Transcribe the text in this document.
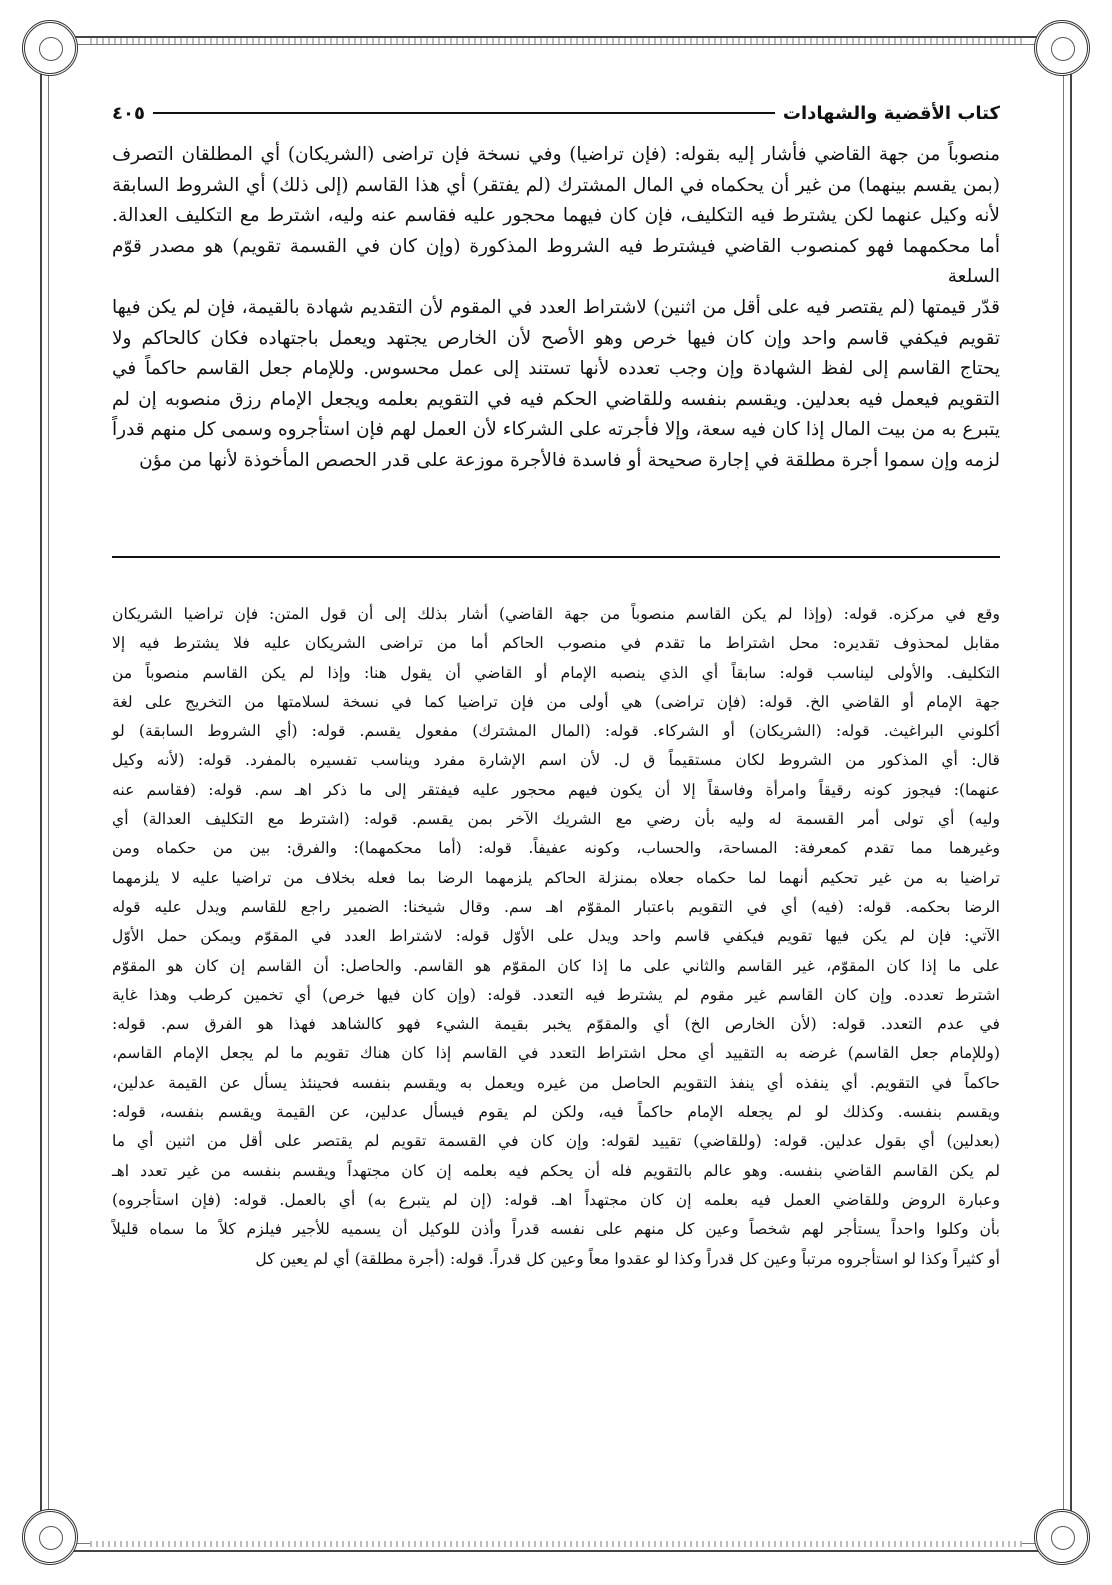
كتاب الأقضية والشهادات
٤٠٥

منصوباً من جهة القاضي فأشار إليه بقوله: (فإن تراضيا) وفي نسخة فإن تراضى (الشريكان) أي المطلقان التصرف

(بمن يقسم بينهما) من غير أن يحكماه في المال المشترك (لم يفتقر) أي هذا القاسم (إلى ذلك) أي الشروط السابقة

لأنه وكيل عنهما لكن يشترط فيه التكليف، فإن كان فيهما محجور عليه فقاسم عنه وليه، اشترط مع التكليف العدالة.

أما محكمهما فهو كمنصوب القاضي فيشترط فيه الشروط المذكورة (وإن كان في القسمة تقويم) هو مصدر قوّم السلعة

قدّر قيمتها (لم يقتصر فيه على أقل من اثنين) لاشتراط العدد في المقوم لأن التقديم شهادة بالقيمة، فإن لم يكن فيها

تقويم فيكفي قاسم واحد وإن كان فيها خرص وهو الأصح لأن الخارص يجتهد ويعمل باجتهاده فكان كالحاكم ولا

يحتاج القاسم إلى لفظ الشهادة وإن وجب تعدده لأنها تستند إلى عمل محسوس. وللإمام جعل القاسم حاكماً في

التقويم فيعمل فيه بعدلين. ويقسم بنفسه وللقاضي الحكم فيه في التقويم بعلمه ويجعل الإمام رزق منصوبه إن لم

يتبرع به من بيت المال إذا كان فيه سعة، وإلا فأجرته على الشركاء لأن العمل لهم فإن استأجروه وسمى كل منهم قدراً

لزمه وإن سموا أجرة مطلقة في إجارة صحيحة أو فاسدة فالأجرة موزعة على قدر الحصص المأخوذة لأنها من مؤن

وقع في مركزه. قوله: (وإذا لم يكن القاسم منصوباً من جهة القاضي) أشار بذلك إلى أن قول المتن: فإن تراضيا الشريكان

مقابل لمحذوف تقديره: محل اشتراط ما تقدم في منصوب الحاكم أما من تراضى الشريكان عليه فلا يشترط فيه إلا

التكليف. والأولى ليناسب قوله: سابقاً أي الذي ينصبه الإمام أو القاضي أن يقول هنا: وإذا لم يكن القاسم منصوباً من

جهة الإمام أو القاضي الخ. قوله: (فإن تراضى) هي أولى من فإن تراضيا كما في نسخة لسلامتها من التخريج على لغة

أكلوني البراغيث. قوله: (الشريكان) أو الشركاء. قوله: (المال المشترك) مفعول يقسم. قوله: (أي الشروط السابقة) لو

قال: أي المذكور من الشروط لكان مستقيماً ق ل. لأن اسم الإشارة مفرد ويناسب تفسيره بالمفرد. قوله: (لأنه وكيل

عنهما): فيجوز كونه رقيقاً وامرأة وفاسقاً إلا أن يكون فيهم محجور عليه فيفتقر إلى ما ذكر اهـ سم. قوله: (فقاسم عنه

وليه) أي تولى أمر القسمة له وليه بأن رضي مع الشريك الآخر بمن يقسم. قوله: (اشترط مع التكليف العدالة) أي

وغيرهما مما تقدم كمعرفة: المساحة، والحساب، وكونه عفيفاً. قوله: (أما محكمهما): والفرق: بين من حكماه ومن

تراضيا به من غير تحكيم أنهما لما حكماه جعلاه بمنزلة الحاكم يلزمهما الرضا بما فعله بخلاف من تراضيا عليه لا يلزمهما

الرضا بحكمه. قوله: (فيه) أي في التقويم باعتبار المقوّم اهـ سم. وقال شيخنا: الضمير راجع للقاسم ويدل عليه قوله

الآتي: فإن لم يكن فيها تقويم فيكفي قاسم واحد ويدل على الأوّل قوله: لاشتراط العدد في المقوّم ويمكن حمل الأوّل

على ما إذا كان المقوّم، غير القاسم والثاني على ما إذا كان المقوّم هو القاسم. والحاصل: أن القاسم إن كان هو المقوّم

اشترط تعدده. وإن كان القاسم غير مقوم لم يشترط فيه التعدد. قوله: (وإن كان فيها خرص) أي تخمين كرطب وهذا غاية

في عدم التعدد. قوله: (لأن الخارص الخ) أي والمقوّم يخبر بقيمة الشيء فهو كالشاهد فهذا هو الفرق سم. قوله:

(وللإمام جعل القاسم) غرضه به التقييد أي محل اشتراط التعدد في القاسم إذا كان هناك تقويم ما لم يجعل الإمام القاسم،

حاكماً في التقويم. أي ينفذه أي ينفذ التقويم الحاصل من غيره ويعمل به ويقسم بنفسه فحينئذ يسأل عن القيمة عدلين،

ويقسم بنفسه. وكذلك لو لم يجعله الإمام حاكماً فيه، ولكن لم يقوم فيسأل عدلين، عن القيمة ويقسم بنفسه، قوله:

(بعدلين) أي بقول عدلين. قوله: (وللقاضي) تقييد لقوله: وإن كان في القسمة تقويم لم يقتصر على أقل من اثنين أي ما

لم يكن القاسم القاضي بنفسه. وهو عالم بالتقويم فله أن يحكم فيه بعلمه إن كان مجتهداً ويقسم بنفسه من غير تعدد اهـ

وعبارة الروض وللقاضي العمل فيه بعلمه إن كان مجتهداً اهـ. قوله: (إن لم يتبرع به) أي بالعمل. قوله: (فإن استأجروه)

بأن وكلوا واحداً يستأجر لهم شخصاً وعين كل منهم على نفسه قدراً وأذن للوكيل أن يسميه للأجير فيلزم كلاً ما سماه قليلاً

أو كثيراً وكذا لو استأجروه مرتباً وعين كل قدراً وكذا لو عقدوا معاً وعين كل قدراً. قوله: (أجرة مطلقة) أي لم يعين كل
